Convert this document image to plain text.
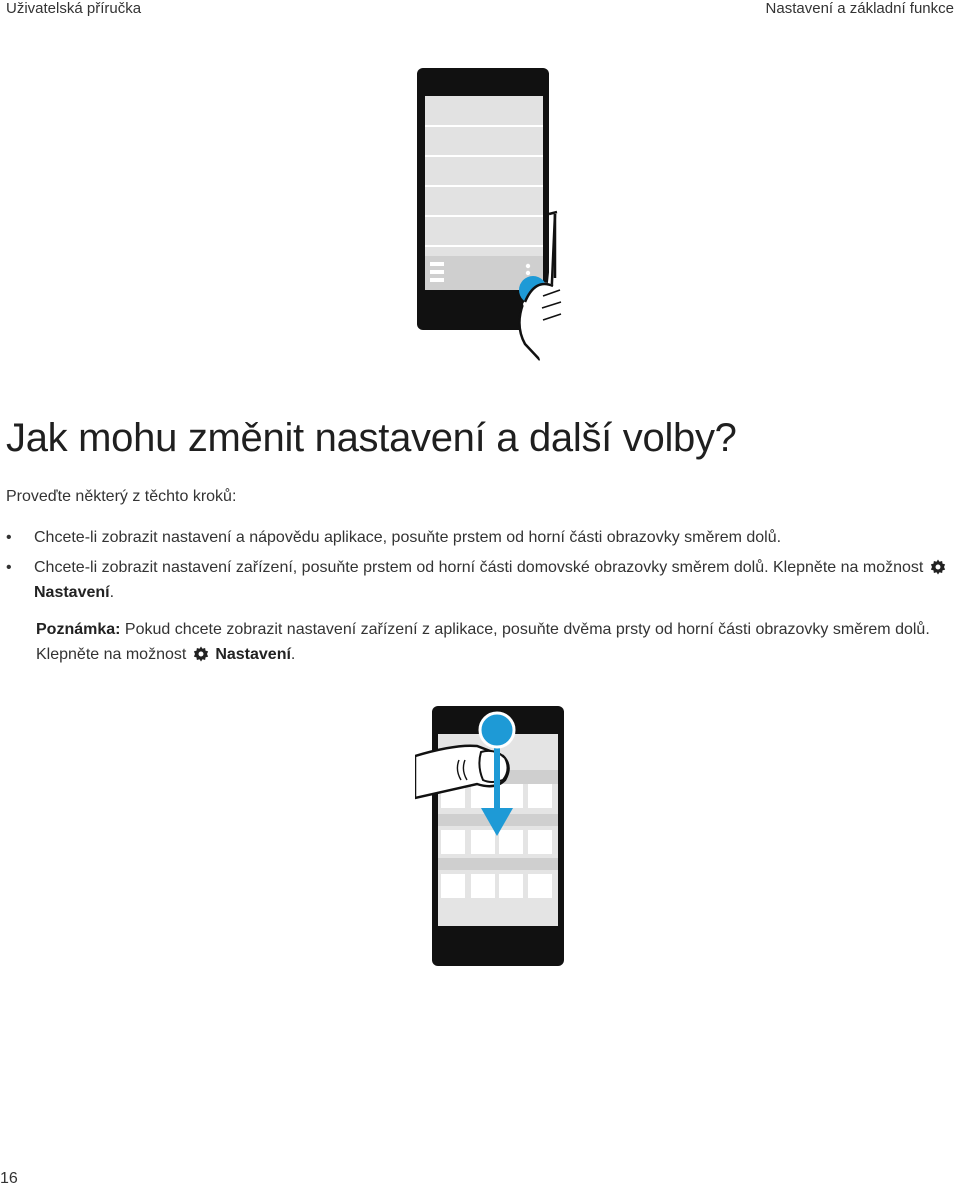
Uživatelská příručka	Nastavení a základní funkce
Jak mohu změnit nastavení a další volby?
Proveďte některý z těchto kroků:
• Chcete-li zobrazit nastavení a nápovědu aplikace, posuňte prstem od horní části obrazovky směrem dolů.
• Chcete-li zobrazit nastavení zařízení, posuňte prstem od horní části domovské obrazovky směrem dolů. Klepněte na možnostNastavení.
Poznámka: Pokud chcete zobrazit nastavení zařízení z aplikace, posuňte dvěma prsty od horní části obrazovky směrem dolů. Klepněte na možnost Nastavení.
16
